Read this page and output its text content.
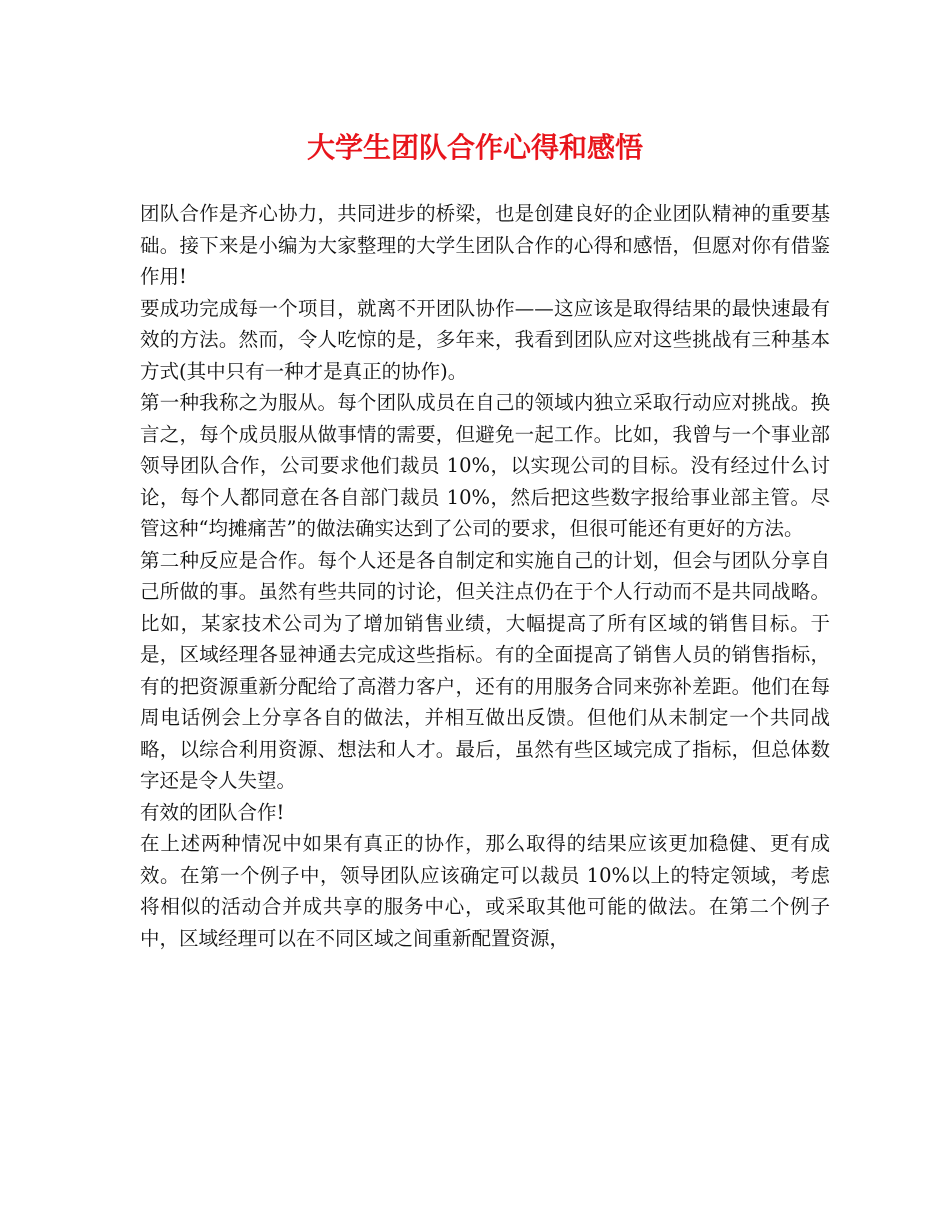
大学生团队合作心得和感悟

团队合作是齐心协力，共同进步的桥梁，也是创建良好的企业团队精神的重要基础。接下来是小编为大家整理的大学生团队合作的心得和感悟，但愿对你有借鉴作用!

要成功完成每一个项目，就离不开团队协作——这应该是取得结果的最快速最有效的方法。然而，令人吃惊的是，多年来，我看到团队应对这些挑战有三种基本方式(其中只有一种才是真正的协作)。

第一种我称之为服从。每个团队成员在自己的领域内独立采取行动应对挑战。换言之，每个成员服从做事情的需要，但避免一起工作。比如，我曾与一个事业部领导团队合作，公司要求他们裁员 10%，以实现公司的目标。没有经过什么讨论，每个人都同意在各自部门裁员 10%，然后把这些数字报给事业部主管。尽管这种“均摊痛苦”的做法确实达到了公司的要求，但很可能还有更好的方法。

第二种反应是合作。每个人还是各自制定和实施自己的计划，但会与团队分享自己所做的事。虽然有些共同的讨论，但关注点仍在于个人行动而不是共同战略。比如，某家技术公司为了增加销售业绩，大幅提高了所有区域的销售目标。于是，区域经理各显神通去完成这些指标。有的全面提高了销售人员的销售指标，有的把资源重新分配给了高潜力客户，还有的用服务合同来弥补差距。他们在每周电话例会上分享各自的做法，并相互做出反馈。但他们从未制定一个共同战略，以综合利用资源、想法和人才。最后，虽然有些区域完成了指标，但总体数字还是令人失望。

有效的团队合作!

在上述两种情况中如果有真正的协作，那么取得的结果应该更加稳健、更有成效。在第一个例子中，领导团队应该确定可以裁员 10%以上的特定领域，考虑将相似的活动合并成共享的服务中心，或采取其他可能的做法。在第二个例子中，区域经理可以在不同区域之间重新配置资源，
